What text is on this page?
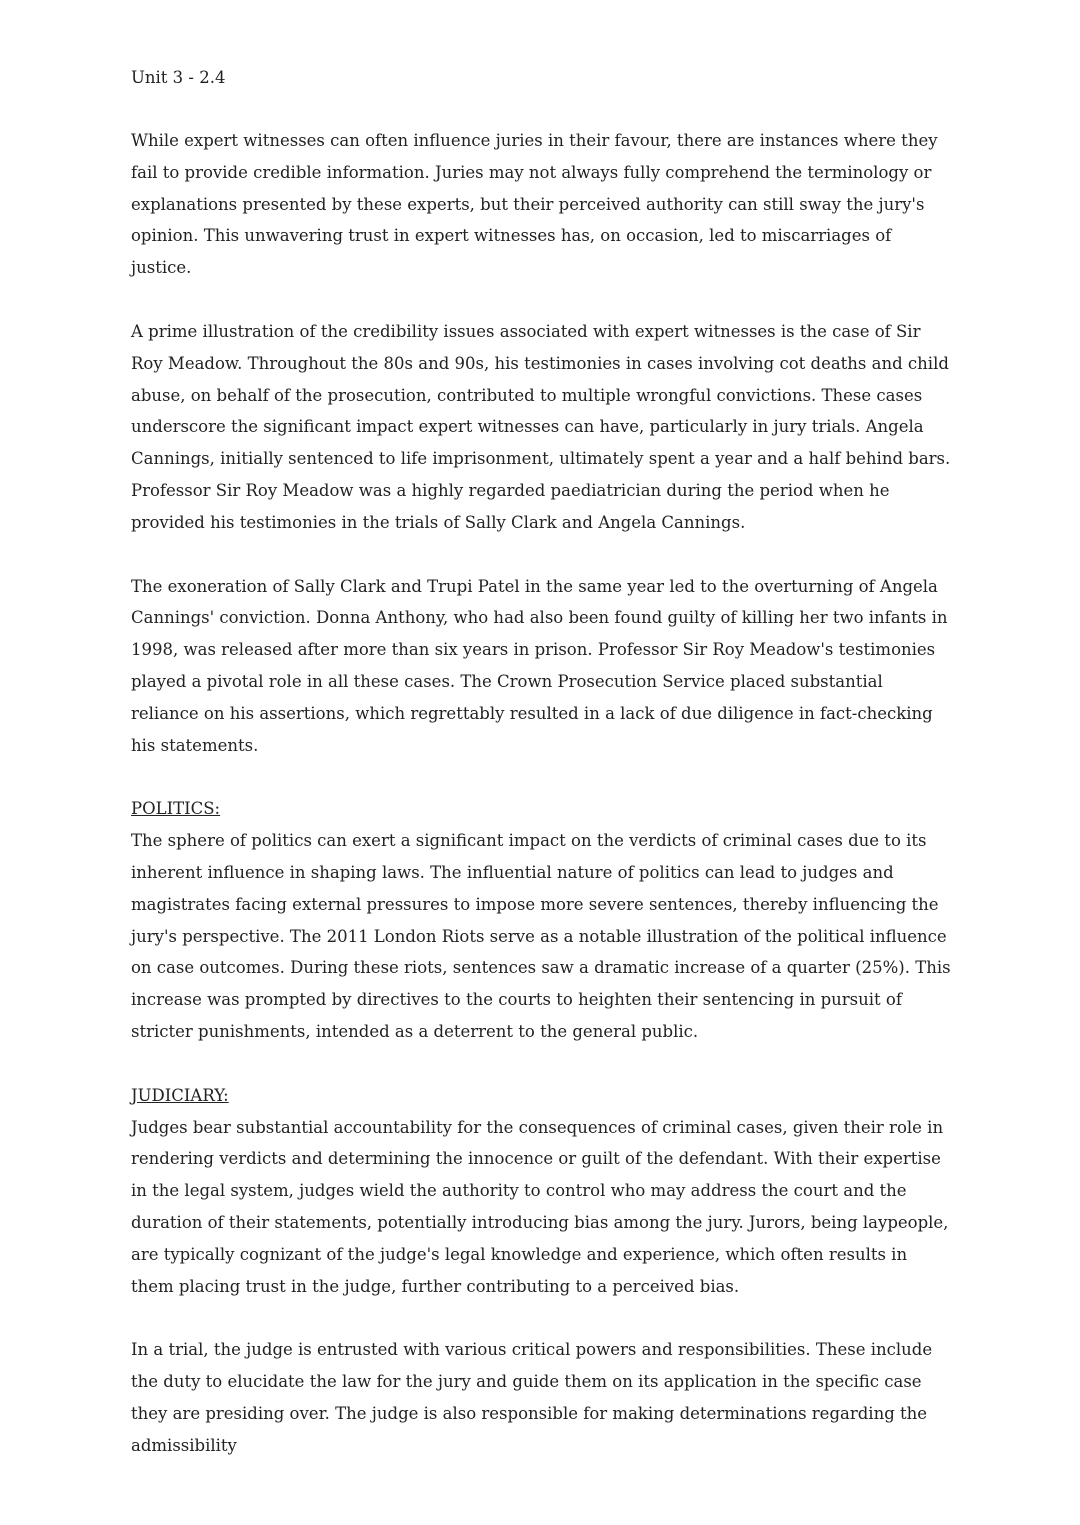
Unit 3 - 2.4

While expert witnesses can often influence juries in their favour, there are instances where they fail to provide credible information. Juries may not always fully comprehend the terminology or explanations presented by these experts, but their perceived authority can still sway the jury's opinion. This unwavering trust in expert witnesses has, on occasion, led to miscarriages of justice.

A prime illustration of the credibility issues associated with expert witnesses is the case of Sir Roy Meadow. Throughout the 80s and 90s, his testimonies in cases involving cot deaths and child abuse, on behalf of the prosecution, contributed to multiple wrongful convictions. These cases underscore the significant impact expert witnesses can have, particularly in jury trials. Angela Cannings, initially sentenced to life imprisonment, ultimately spent a year and a half behind bars. Professor Sir Roy Meadow was a highly regarded paediatrician during the period when he provided his testimonies in the trials of Sally Clark and Angela Cannings.

The exoneration of Sally Clark and Trupi Patel in the same year led to the overturning of Angela Cannings' conviction. Donna Anthony, who had also been found guilty of killing her two infants in 1998, was released after more than six years in prison. Professor Sir Roy Meadow's testimonies played a pivotal role in all these cases. The Crown Prosecution Service placed substantial reliance on his assertions, which regrettably resulted in a lack of due diligence in fact-checking his statements.

POLITICS:

The sphere of politics can exert a significant impact on the verdicts of criminal cases due to its inherent influence in shaping laws. The influential nature of politics can lead to judges and magistrates facing external pressures to impose more severe sentences, thereby influencing the jury's perspective. The 2011 London Riots serve as a notable illustration of the political influence on case outcomes. During these riots, sentences saw a dramatic increase of a quarter (25%). This increase was prompted by directives to the courts to heighten their sentencing in pursuit of stricter punishments, intended as a deterrent to the general public.

JUDICIARY:

Judges bear substantial accountability for the consequences of criminal cases, given their role in rendering verdicts and determining the innocence or guilt of the defendant. With their expertise in the legal system, judges wield the authority to control who may address the court and the duration of their statements, potentially introducing bias among the jury. Jurors, being laypeople, are typically cognizant of the judge's legal knowledge and experience, which often results in them placing trust in the judge, further contributing to a perceived bias.

In a trial, the judge is entrusted with various critical powers and responsibilities. These include the duty to elucidate the law for the jury and guide them on its application in the specific case they are presiding over. The judge is also responsible for making determinations regarding the admissibility
